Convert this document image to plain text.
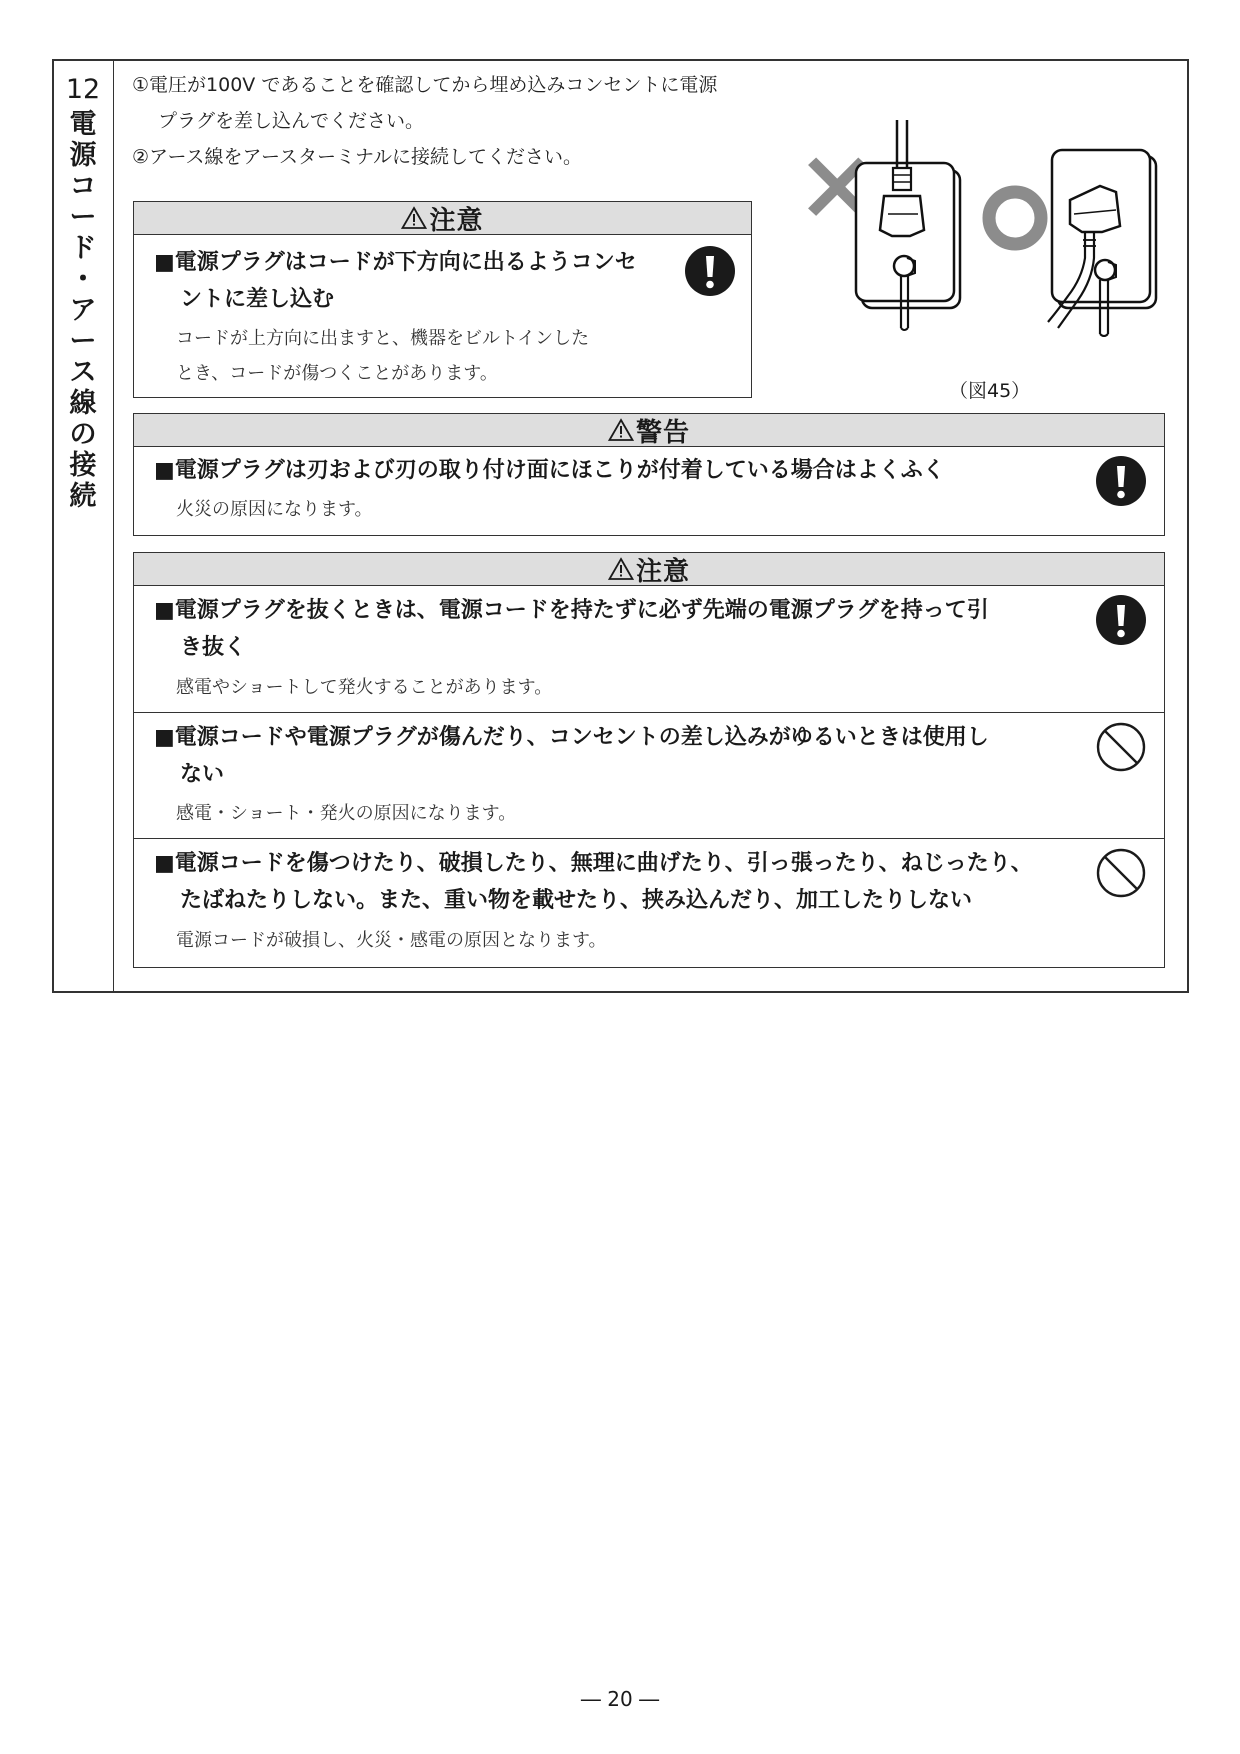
12
電
源
コ
ー
ド
・
ア
ー
ス
線
の
接
続
①電圧が100V であることを確認してから埋め込みコンセントに電源
プラグを差し込んでください。
②アース線をアースターミナルに接続してください。
注意
■電源プラグはコードが下方向に出るようコンセ
ントに差し込む
コードが上方向に出ますと、機器をビルトインした
とき、コードが傷つくことがあります。
（図45）
警告
■電源プラグは刃および刃の取り付け面にほこりが付着している場合はよくふく
火災の原因になります。
注意
■電源プラグを抜くときは、電源コードを持たずに必ず先端の電源プラグを持って引
き抜く
感電やショートして発火することがあります。
■電源コードや電源プラグが傷んだり、コンセントの差し込みがゆるいときは使用し
ない
感電・ショート・発火の原因になります。
■電源コードを傷つけたり、破損したり、無理に曲げたり、引っ張ったり、ねじったり、
たばねたりしない。また、重い物を載せたり、挟み込んだり、加工したりしない
電源コードが破損し、火災・感電の原因となります。
― 20 ―
